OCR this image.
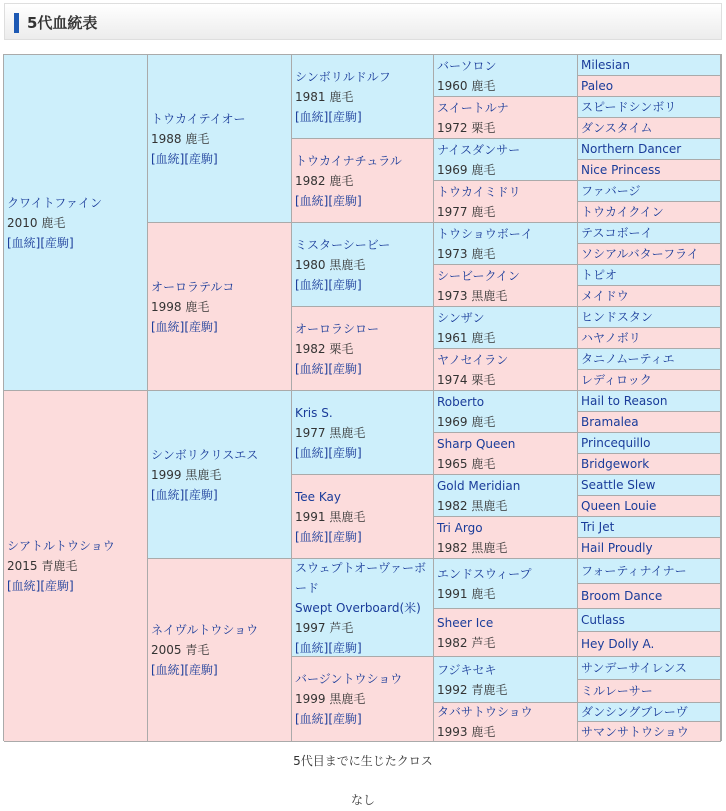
5代血統表
クワイトファイン
2010 鹿毛
[血統][産駒]
シアトルトウショウ
2015 青鹿毛
[血統][産駒]
トウカイテイオー
1988 鹿毛
[血統][産駒]
オーロラテルコ
1998 鹿毛
[血統][産駒]
シンボリクリスエス
1999 黒鹿毛
[血統][産駒]
ネイヴルトウショウ
2005 青毛
[血統][産駒]
シンボリルドルフ
1981 鹿毛
[血統][産駒]
トウカイナチュラル
1982 鹿毛
[血統][産駒]
ミスターシービー
1980 黒鹿毛
[血統][産駒]
オーロラシロー
1982 栗毛
[血統][産駒]
Kris S.
1977 黒鹿毛
[血統][産駒]
Tee Kay
1991 黒鹿毛
[血統][産駒]
スウェプトオーヴァーボード
Swept Overboard(米)
1997 芦毛
[血統][産駒]
バージントウショウ
1999 黒鹿毛
[血統][産駒]
バーソロン
1960 鹿毛
スイートルナ
1972 栗毛
ナイスダンサー
1969 鹿毛
トウカイミドリ
1977 鹿毛
トウショウボーイ
1973 鹿毛
シービークイン
1973 黒鹿毛
シンザン
1961 鹿毛
ヤノセイラン
1974 栗毛
Roberto
1969 鹿毛
Sharp Queen
1965 鹿毛
Gold Meridian
1982 黒鹿毛
Tri Argo
1982 黒鹿毛
エンドスウィープ
1991 鹿毛
Sheer Ice
1982 芦毛
フジキセキ
1992 青鹿毛
タバサトウショウ
1993 鹿毛
Milesian
Paleo
スピードシンボリ
ダンスタイム
Northern Dancer
Nice Princess
ファバージ
トウカイクイン
テスコボーイ
ソシアルバターフライ
トピオ
メイドウ
ヒンドスタン
ハヤノボリ
タニノムーティエ
レディロック
Hail to Reason
Bramalea
Princequillo
Bridgework
Seattle Slew
Queen Louie
Tri Jet
Hail Proudly
フォーティナイナー
Broom Dance
Cutlass
Hey Dolly A.
サンデーサイレンス
ミルレーサー
ダンシングブレーヴ
サマンサトウショウ
5代目までに生じたクロス
なし
